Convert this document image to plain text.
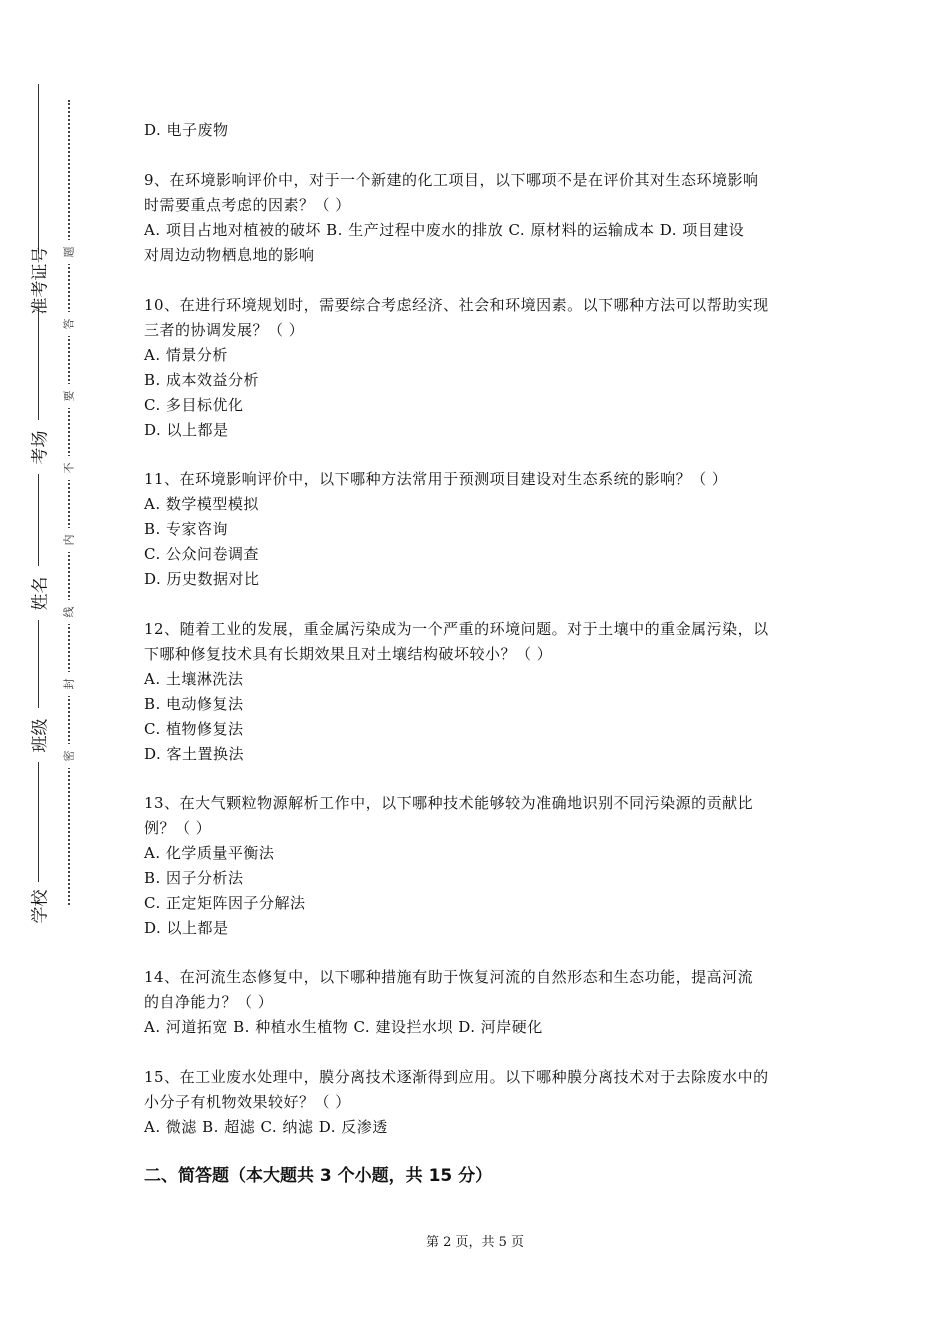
准考证号
考场
姓名
班级
学校
题
答
要
不
内
线
封
密
D. 电子废物
9、在环境影响评价中，对于一个新建的化工项目，以下哪项不是在评价其对生态环境影响
时需要重点考虑的因素？（ ）
A. 项目占地对植被的破坏 B. 生产过程中废水的排放 C. 原材料的运输成本 D. 项目建设
对周边动物栖息地的影响
10、在进行环境规划时，需要综合考虑经济、社会和环境因素。以下哪种方法可以帮助实现
三者的协调发展？（ ）
A. 情景分析
B. 成本效益分析
C. 多目标优化
D. 以上都是
11、在环境影响评价中，以下哪种方法常用于预测项目建设对生态系统的影响？（ ）
A. 数学模型模拟
B. 专家咨询
C. 公众问卷调查
D. 历史数据对比
12、随着工业的发展，重金属污染成为一个严重的环境问题。对于土壤中的重金属污染，以
下哪种修复技术具有长期效果且对土壤结构破坏较小？（ ）
A. 土壤淋洗法
B. 电动修复法
C. 植物修复法
D. 客土置换法
13、在大气颗粒物源解析工作中，以下哪种技术能够较为准确地识别不同污染源的贡献比
例？（ ）
A. 化学质量平衡法
B. 因子分析法
C. 正定矩阵因子分解法
D. 以上都是
14、在河流生态修复中，以下哪种措施有助于恢复河流的自然形态和生态功能，提高河流
的自净能力？（ ）
A. 河道拓宽 B. 种植水生植物 C. 建设拦水坝 D. 河岸硬化
15、在工业废水处理中，膜分离技术逐渐得到应用。以下哪种膜分离技术对于去除废水中的
小分子有机物效果较好？（ ）
A. 微滤 B. 超滤 C. 纳滤 D. 反渗透
二、简答题（本大题共 3 个小题，共 15 分）
第 2 页，共 5 页
